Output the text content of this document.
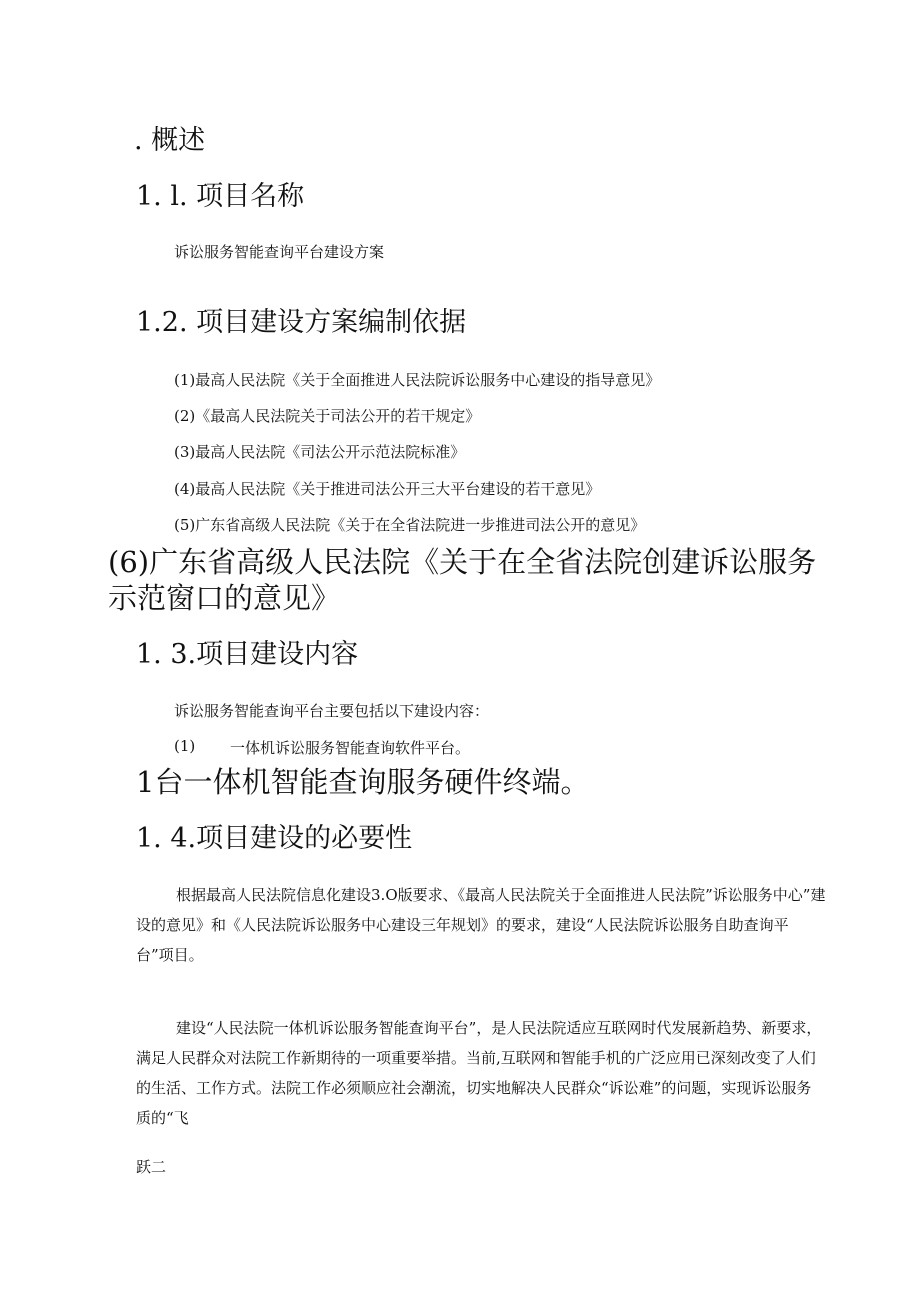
. 概述
1. l. 项目名称
诉讼服务智能查询平台建设方案
1.2. 项目建设方案编制依据
(1)最高人民法院《关于全面推进人民法院诉讼服务中心建设的指导意见》
(2)《最高人民法院关于司法公开的若干规定》
(3)最高人民法院《司法公开示范法院标准》
(4)最高人民法院《关于推进司法公开三大平台建设的若干意见》
(5)广东省高级人民法院《关于在全省法院进一步推进司法公开的意见》
(6)广东省高级人民法院《关于在全省法院创建诉讼服务
示范窗口的意见》
1. 3.项目建设内容
诉讼服务智能查询平台主要包括以下建设内容：
(1) 一体机诉讼服务智能查询软件平台。
1台一体机智能查询服务硬件终端。
1. 4.项目建设的必要性

根据最高人民法院信息化建设3.O版要求、《最高人民法院关于全面推进人民法院”诉讼服务中心”建设的意见》和《人民法院诉讼服务中心建设三年规划》的要求，建设“人民法院诉讼服务自助查询平台”项目。

建设“人民法院一体机诉讼服务智能查询平台”，是人民法院适应互联网时代发展新趋势、新要求，满足人民群众对法院工作新期待的一项重要举措。当前,互联网和智能手机的广泛应用已深刻改变了人们的生活、工作方式。法院工作必须顺应社会潮流，切实地解决人民群众“诉讼难”的问题，实现诉讼服务质的“飞

跃二
